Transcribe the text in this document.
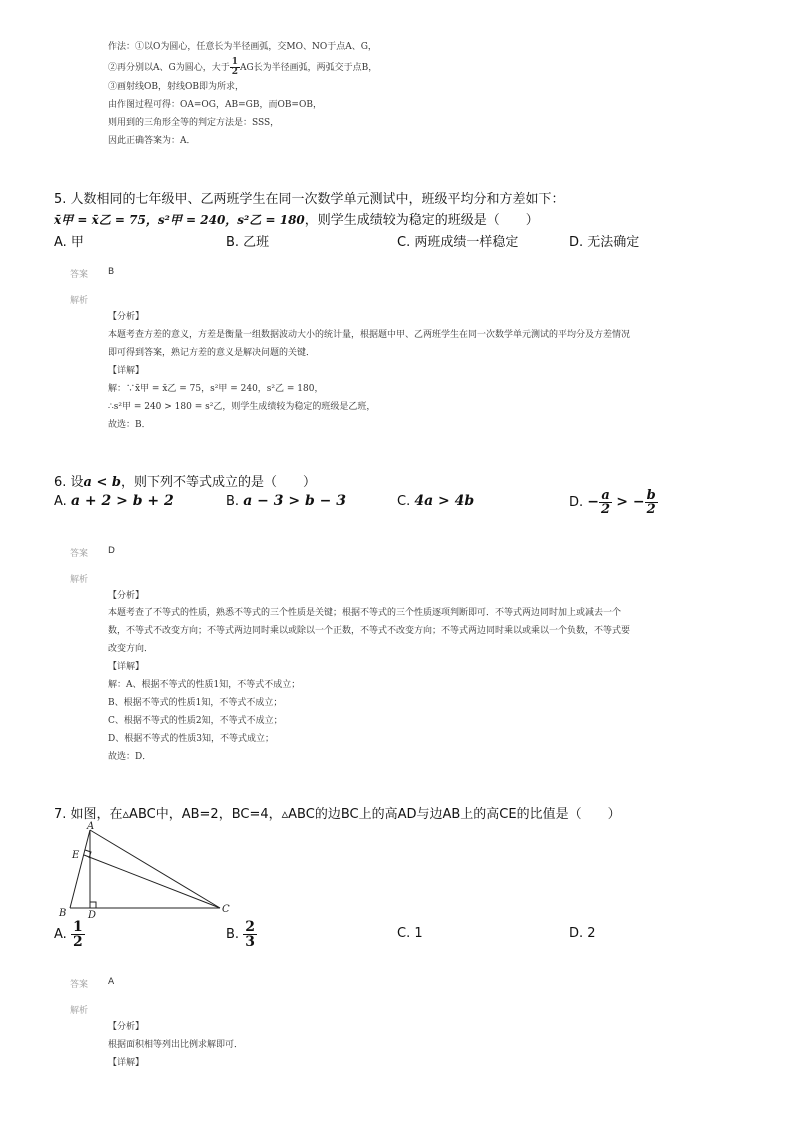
作法：①以O为圆心，任意长为半径画弧，交MO、NO于点A、G，
②再分别以A、G为圆心，大于 $\frac{1}{2}$ AG长为半径画弧，两弧交于点B，
③画射线OB，射线OB即为所求，
由作图过程可得：OA=OG，AB=GB，而OB=OB，
则用到的三角形全等的判定方法是：SSS，
因此正确答案为：A．
5. 人数相同的七年级甲、乙两班学生在同一次数学单元测试中，班级平均分和方差如下：
x̄甲 = x̄乙 = 75，s²甲 = 240，s²乙 = 180，则学生成绩较为稳定的班级是（　　）
A. 甲	B. 乙班	C. 两班成绩一样稳定	D. 无法确定
答案 B
解析
【分析】
本题考查方差的意义，方差是衡量一组数据波动大小的统计量，根据题中甲、乙两班学生在同一次数学单元测试的平均分及方差情况
即可得到答案，熟记方差的意义是解决问题的关键．
【详解】
解：∵x̄甲 = x̄乙 = 75，s²甲 = 240，s²乙 = 180，
∴s²甲 = 240 > 180 = s²乙，则学生成绩较为稳定的班级是乙班，
故选：B．
6. 设a < b，则下列不等式成立的是（　　）
A. a + 2 > b + 2	B. a − 3 > b − 3	C. 4a > 4b	D. − $\frac{a}{2}$ > − $\frac{b}{2}$
答案 D
解析
【分析】
本题考查了不等式的性质，熟悉不等式的三个性质是关键；根据不等式的三个性质逐项判断即可．不等式两边同时加上或减去一个
数，不等式不改变方向；不等式两边同时乘以或除以一个正数，不等式不改变方向；不等式两边同时乘以或乘以一个负数，不等式要
改变方向．
【详解】
解：A、根据不等式的性质1知，不等式不成立；
B、根据不等式的性质1知，不等式不成立；
C、根据不等式的性质2知，不等式不成立；
D、根据不等式的性质3知，不等式成立；
故选：D．
7. 如图，在▵ABC中，AB=2，BC=4，▵ABC的边BC上的高AD与边AB上的高CE的比值是（　　）
A
E
B D
C
A. $\frac{1}{2}$	B. $\frac{2}{3}$	C. 1	D. 2
答案 A
解析
【分析】
根据面积相等列出比例求解即可．
【详解】
